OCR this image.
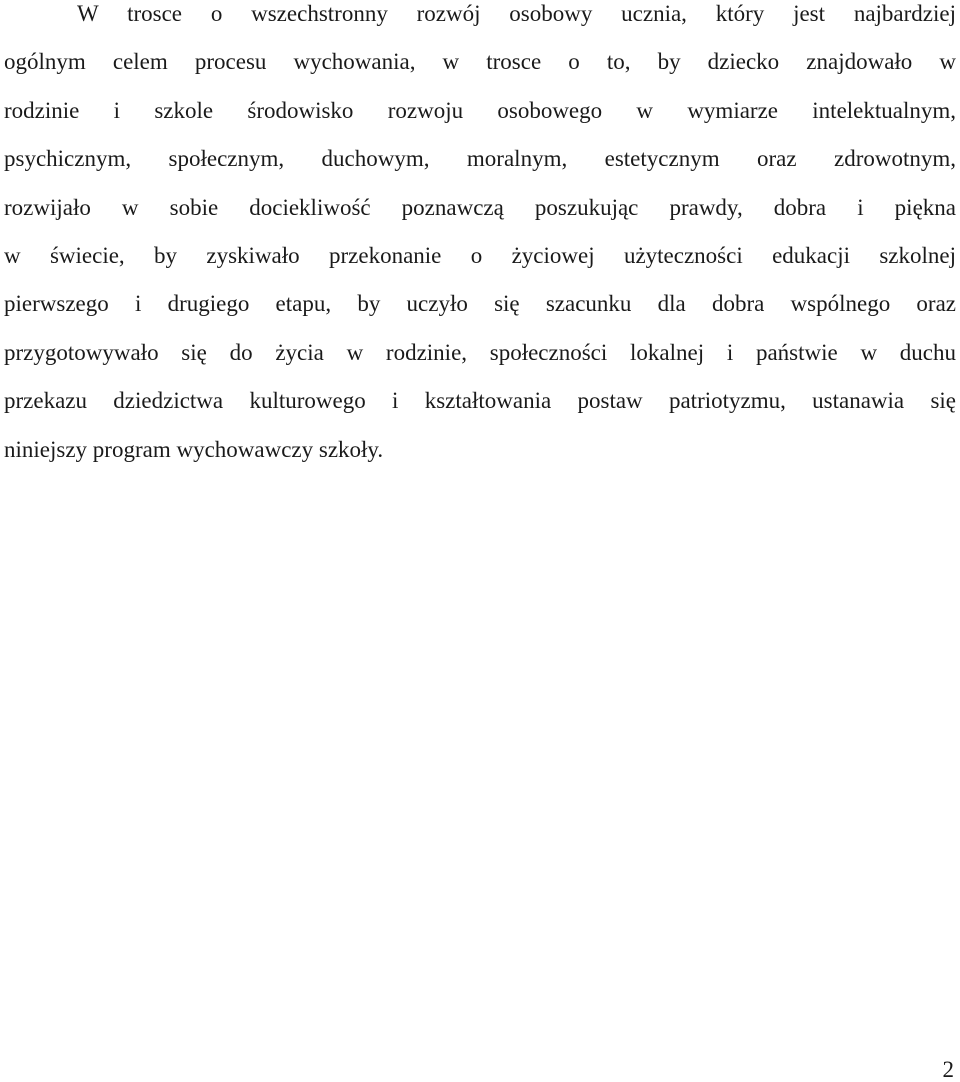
W trosce o wszechstronny rozwój osobowy ucznia, który jest najbardziej
ogólnym celem procesu wychowania, w trosce o to, by dziecko znajdowało w
rodzinie i szkole środowisko rozwoju osobowego w wymiarze intelektualnym,
psychicznym, społecznym, duchowym, moralnym, estetycznym oraz zdrowotnym,
rozwijało w sobie dociekliwość poznawczą poszukując prawdy, dobra i piękna
w świecie, by zyskiwało przekonanie o życiowej użyteczności edukacji szkolnej
pierwszego i drugiego etapu, by uczyło się szacunku dla dobra wspólnego oraz
przygotowywało się do życia w rodzinie, społeczności lokalnej i państwie w duchu
przekazu dziedzictwa kulturowego i kształtowania postaw patriotyzmu, ustanawia się
niniejszy program wychowawczy szkoły.

2
